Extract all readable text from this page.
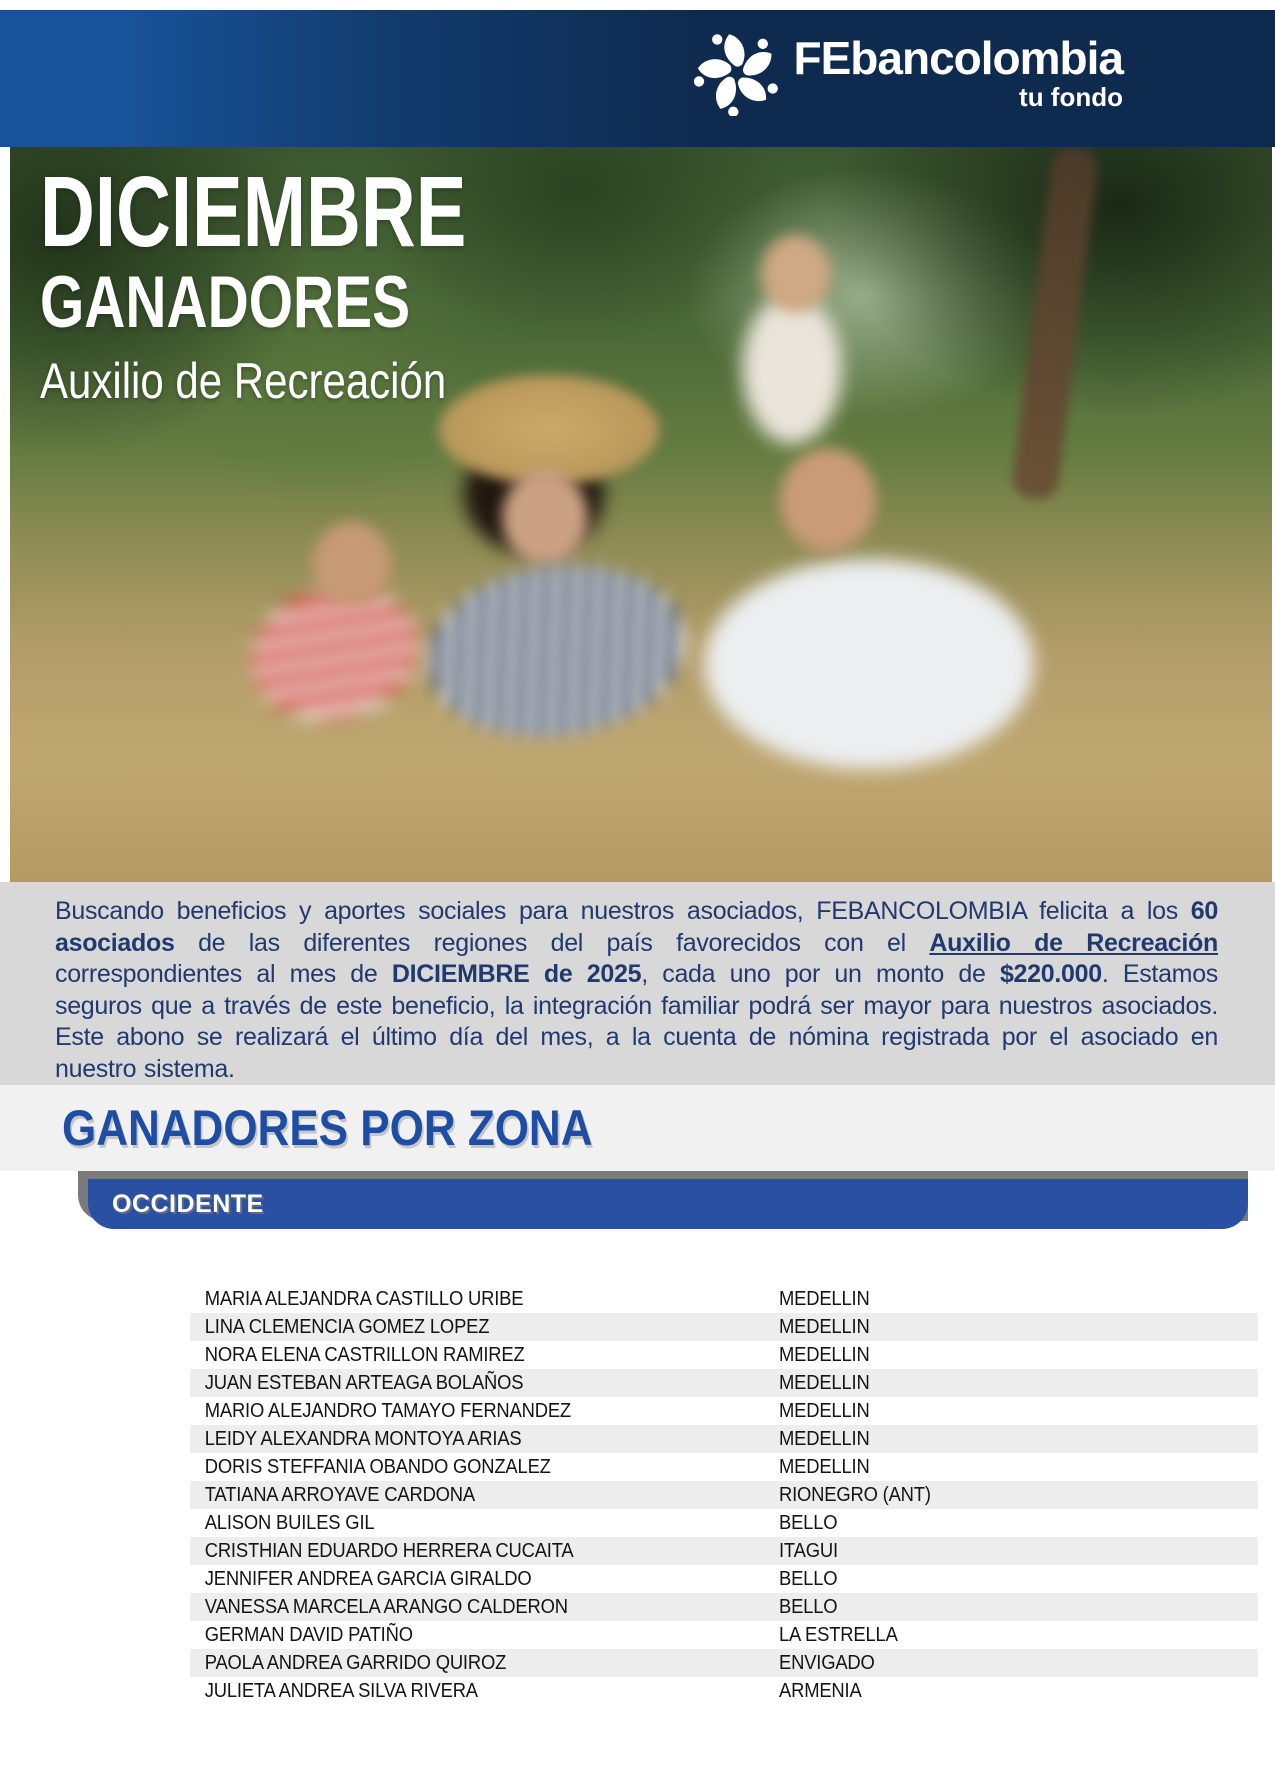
FEbancolombia
tu fondo
DICIEMBRE
GANADORES
Auxilio de Recreación
Buscando beneficios y aportes sociales para nuestros asociados, FEBANCOLOMBIA felicita a los 60 asociados de las diferentes regiones del país favorecidos con el Auxilio de Recreación correspondientes al mes de DICIEMBRE de 2025, cada uno por un monto de $220.000. Estamos seguros que a través de este beneficio, la integración familiar podrá ser mayor para nuestros asociados. Este abono se realizará el último día del mes, a la cuenta de nómina registrada por el asociado en nuestro sistema.
GANADORES POR ZONA
OCCIDENTE
MARIA ALEJANDRA CASTILLO URIBE	MEDELLIN
LINA CLEMENCIA GOMEZ LOPEZ	MEDELLIN
NORA ELENA CASTRILLON RAMIREZ	MEDELLIN
JUAN ESTEBAN ARTEAGA BOLAÑOS	MEDELLIN
MARIO ALEJANDRO TAMAYO FERNANDEZ	MEDELLIN
LEIDY ALEXANDRA MONTOYA ARIAS	MEDELLIN
DORIS STEFFANIA OBANDO GONZALEZ	MEDELLIN
TATIANA ARROYAVE CARDONA	RIONEGRO (ANT)
ALISON BUILES GIL	BELLO
CRISTHIAN EDUARDO HERRERA CUCAITA	ITAGUI
JENNIFER ANDREA GARCIA GIRALDO	BELLO
VANESSA MARCELA ARANGO CALDERON	BELLO
GERMAN DAVID PATIÑO	LA ESTRELLA
PAOLA ANDREA GARRIDO QUIROZ	ENVIGADO
JULIETA ANDREA SILVA RIVERA	ARMENIA
